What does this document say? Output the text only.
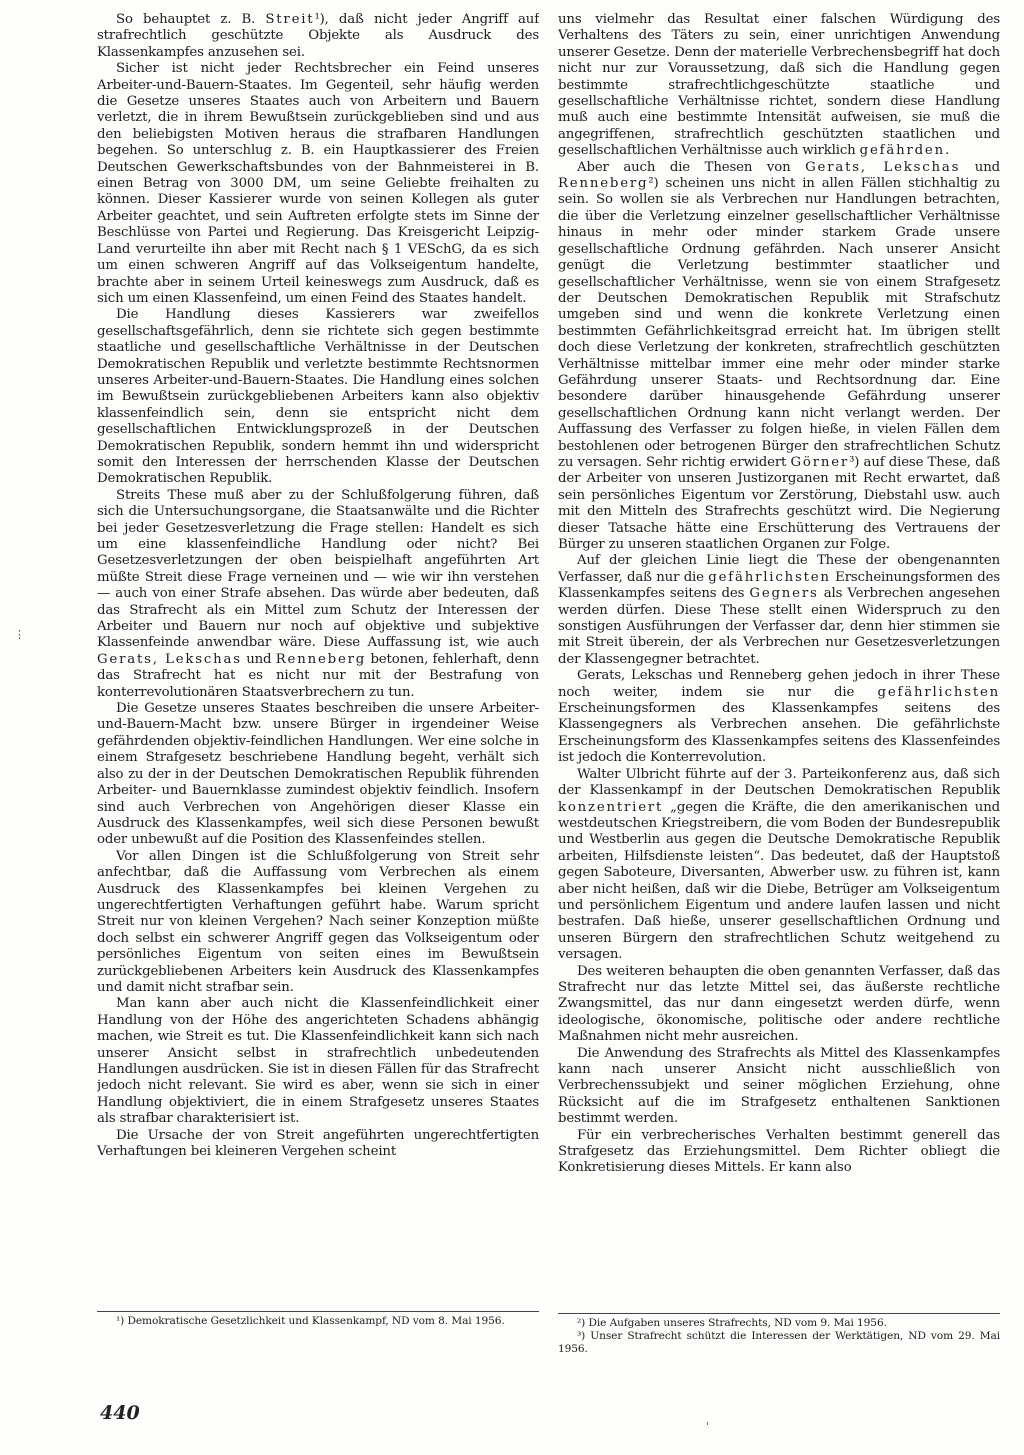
So behauptet z. B. Streit¹), daß nicht jeder Angriff auf strafrechtlich geschützte Objekte als Ausdruck des Klassenkampfes anzusehen sei.

Sicher ist nicht jeder Rechtsbrecher ein Feind unseres Arbeiter-und-Bauern-Staates. Im Gegenteil, sehr häufig werden die Gesetze unseres Staates auch von Arbeitern und Bauern verletzt, die in ihrem Bewußtsein zurückgeblieben sind und aus den beliebigsten Motiven heraus die strafbaren Handlungen begehen. So unterschlug z. B. ein Hauptkassierer des Freien Deutschen Gewerkschaftsbundes von der Bahnmeisterei in B. einen Betrag von 3000 DM, um seine Geliebte freihalten zu können. Dieser Kassierer wurde von seinen Kollegen als guter Arbeiter geachtet, und sein Auftreten erfolgte stets im Sinne der Beschlüsse von Partei und Regierung. Das Kreisgericht Leipzig-Land verurteilte ihn aber mit Recht nach § 1 VESchG, da es sich um einen schweren Angriff auf das Volkseigentum handelte, brachte aber in seinem Urteil keineswegs zum Ausdruck, daß es sich um einen Klassenfeind, um einen Feind des Staates handelt.

Die Handlung dieses Kassierers war zweifellos gesellschaftsgefährlich, denn sie richtete sich gegen bestimmte staatliche und gesellschaftliche Verhältnisse in der Deutschen Demokratischen Republik und verletzte bestimmte Rechtsnormen unseres Arbeiter-und-Bauern-Staates. Die Handlung eines solchen im Bewußtsein zurückgebliebenen Arbeiters kann also objektiv klassenfeindlich sein, denn sie entspricht nicht dem gesellschaftlichen Entwicklungsprozeß in der Deutschen Demokratischen Republik, sondern hemmt ihn und widerspricht somit den Interessen der herrschenden Klasse der Deutschen Demokratischen Republik.

Streits These muß aber zu der Schlußfolgerung führen, daß sich die Untersuchungsorgane, die Staatsanwälte und die Richter bei jeder Gesetzesverletzung die Frage stellen: Handelt es sich um eine klassenfeindliche Handlung oder nicht? Bei Gesetzesverletzungen der oben beispielhaft angeführten Art müßte Streit diese Frage verneinen und — wie wir ihn verstehen — auch von einer Strafe absehen. Das würde aber bedeuten, daß das Strafrecht als ein Mittel zum Schutz der Interessen der Arbeiter und Bauern nur noch auf objektive und subjektive Klassenfeinde anwendbar wäre. Diese Auffassung ist, wie auch Gerats, Lekschas und Renneberg betonen, fehlerhaft, denn das Strafrecht hat es nicht nur mit der Bestrafung von konterrevolutionären Staatsverbrechern zu tun.

Die Gesetze unseres Staates beschreiben die unsere Arbeiter-und-Bauern-Macht bzw. unsere Bürger in irgendeiner Weise gefährdenden objektiv-feindlichen Handlungen. Wer eine solche in einem Strafgesetz beschriebene Handlung begeht, verhält sich also zu der in der Deutschen Demokratischen Republik führenden Arbeiter- und Bauernklasse zumindest objektiv feindlich. Insofern sind auch Verbrechen von Angehörigen dieser Klasse ein Ausdruck des Klassenkampfes, weil sich diese Personen bewußt oder unbewußt auf die Position des Klassenfeindes stellen.

Vor allen Dingen ist die Schlußfolgerung von Streit sehr anfechtbar, daß die Auffassung vom Verbrechen als einem Ausdruck des Klassenkampfes bei kleinen Vergehen zu ungerechtfertigten Verhaftungen geführt habe. Warum spricht Streit nur von kleinen Vergehen? Nach seiner Konzeption müßte doch selbst ein schwerer Angriff gegen das Volkseigentum oder persönliches Eigentum von seiten eines im Bewußtsein zurückgebliebenen Arbeiters kein Ausdruck des Klassenkampfes und damit nicht strafbar sein.

Man kann aber auch nicht die Klassenfeindlichkeit einer Handlung von der Höhe des angerichteten Schadens abhängig machen, wie Streit es tut. Die Klassenfeindlichkeit kann sich nach unserer Ansicht selbst in strafrechtlich unbedeutenden Handlungen ausdrücken. Sie ist in diesen Fällen für das Strafrecht jedoch nicht relevant. Sie wird es aber, wenn sie sich in einer Handlung objektiviert, die in einem Strafgesetz unseres Staates als strafbar charakterisiert ist.

Die Ursache der von Streit angeführten ungerechtfertigten Verhaftungen bei kleineren Vergehen scheint

¹) Demokratische Gesetzlichkeit und Klassenkampf, ND vom 8. Mai 1956.

uns vielmehr das Resultat einer falschen Würdigung des Verhaltens des Täters zu sein, einer unrichtigen Anwendung unserer Gesetze. Denn der materielle Verbrechensbegriff hat doch nicht nur zur Voraussetzung, daß sich die Handlung gegen bestimmte strafrechtlichgeschützte staatliche und gesellschaftliche Verhältnisse richtet, sondern diese Handlung muß auch eine bestimmte Intensität aufweisen, sie muß die angegriffenen, strafrechtlich geschützten staatlichen und gesellschaftlichen Verhältnisse auch wirklich gefährden.

Aber auch die Thesen von Gerats, Lekschas und Renneberg²) scheinen uns nicht in allen Fällen stichhaltig zu sein. So wollen sie als Verbrechen nur Handlungen betrachten, die über die Verletzung einzelner gesellschaftlicher Verhältnisse hinaus in mehr oder minder starkem Grade unsere gesellschaftliche Ordnung gefährden. Nach unserer Ansicht genügt die Verletzung bestimmter staatlicher und gesellschaftlicher Verhältnisse, wenn sie von einem Strafgesetz der Deutschen Demokratischen Republik mit Strafschutz umgeben sind und wenn die konkrete Verletzung einen bestimmten Gefährlichkeitsgrad erreicht hat. Im übrigen stellt doch diese Verletzung der konkreten, strafrechtlich geschützten Verhältnisse mittelbar immer eine mehr oder minder starke Gefährdung unserer Staats- und Rechtsordnung dar. Eine besondere darüber hinausgehende Gefährdung unserer gesellschaftlichen Ordnung kann nicht verlangt werden. Der Auffassung des Verfasser zu folgen hieße, in vielen Fällen dem bestohlenen oder betrogenen Bürger den strafrechtlichen Schutz zu versagen. Sehr richtig erwidert Görner³) auf diese These, daß der Arbeiter von unseren Justizorganen mit Recht erwartet, daß sein persönliches Eigentum vor Zerstörung, Diebstahl usw. auch mit den Mitteln des Strafrechts geschützt wird. Die Negierung dieser Tatsache hätte eine Erschütterung des Vertrauens der Bürger zu unseren staatlichen Organen zur Folge.

Auf der gleichen Linie liegt die These der obengenannten Verfasser, daß nur die gefährlichsten Erscheinungsformen des Klassenkampfes seitens des Gegners als Verbrechen angesehen werden dürfen. Diese These stellt einen Widerspruch zu den sonstigen Ausführungen der Verfasser dar, denn hier stimmen sie mit Streit überein, der als Verbrechen nur Gesetzesverletzungen der Klassengegner betrachtet.

Gerats, Lekschas und Renneberg gehen jedoch in ihrer These noch weiter, indem sie nur die gefährlichsten Erscheinungsformen des Klassenkampfes seitens des Klassengegners als Verbrechen ansehen. Die gefährlichste Erscheinungsform des Klassenkampfes seitens des Klassenfeindes ist jedoch die Konterrevolution.

Walter Ulbricht führte auf der 3. Parteikonferenz aus, daß sich der Klassenkampf in der Deutschen Demokratischen Republik konzentriert „gegen die Kräfte, die den amerikanischen und westdeutschen Kriegstreibern, die vom Boden der Bundesrepublik und Westberlin aus gegen die Deutsche Demokratische Republik arbeiten, Hilfsdienste leisten“. Das bedeutet, daß der Hauptstoß gegen Saboteure, Diversanten, Abwerber usw. zu führen ist, kann aber nicht heißen, daß wir die Diebe, Betrüger am Volkseigentum und persönlichem Eigentum und andere laufen lassen und nicht bestrafen. Daß hieße, unserer gesellschaftlichen Ordnung und unseren Bürgern den strafrechtlichen Schutz weitgehend zu versagen.

Des weiteren behaupten die oben genannten Verfasser, daß das Strafrecht nur das letzte Mittel sei, das äußerste rechtliche Zwangsmittel, das nur dann eingesetzt werden dürfe, wenn ideologische, ökonomische, politische oder andere rechtliche Maßnahmen nicht mehr ausreichen.

Die Anwendung des Strafrechts als Mittel des Klassenkampfes kann nach unserer Ansicht nicht ausschließlich von Verbrechenssubjekt und seiner möglichen Erziehung, ohne Rücksicht auf die im Strafgesetz enthaltenen Sanktionen bestimmt werden.

Für ein verbrecherisches Verhalten bestimmt generell das Strafgesetz das Erziehungsmittel. Dem Richter obliegt die Konkretisierung dieses Mittels. Er kann also

²) Die Aufgaben unseres Strafrechts, ND vom 9. Mai 1956.

³) Unser Strafrecht schützt die Interessen der Werktätigen, ND vom 29. Mai 1956.

440
⋮
'
